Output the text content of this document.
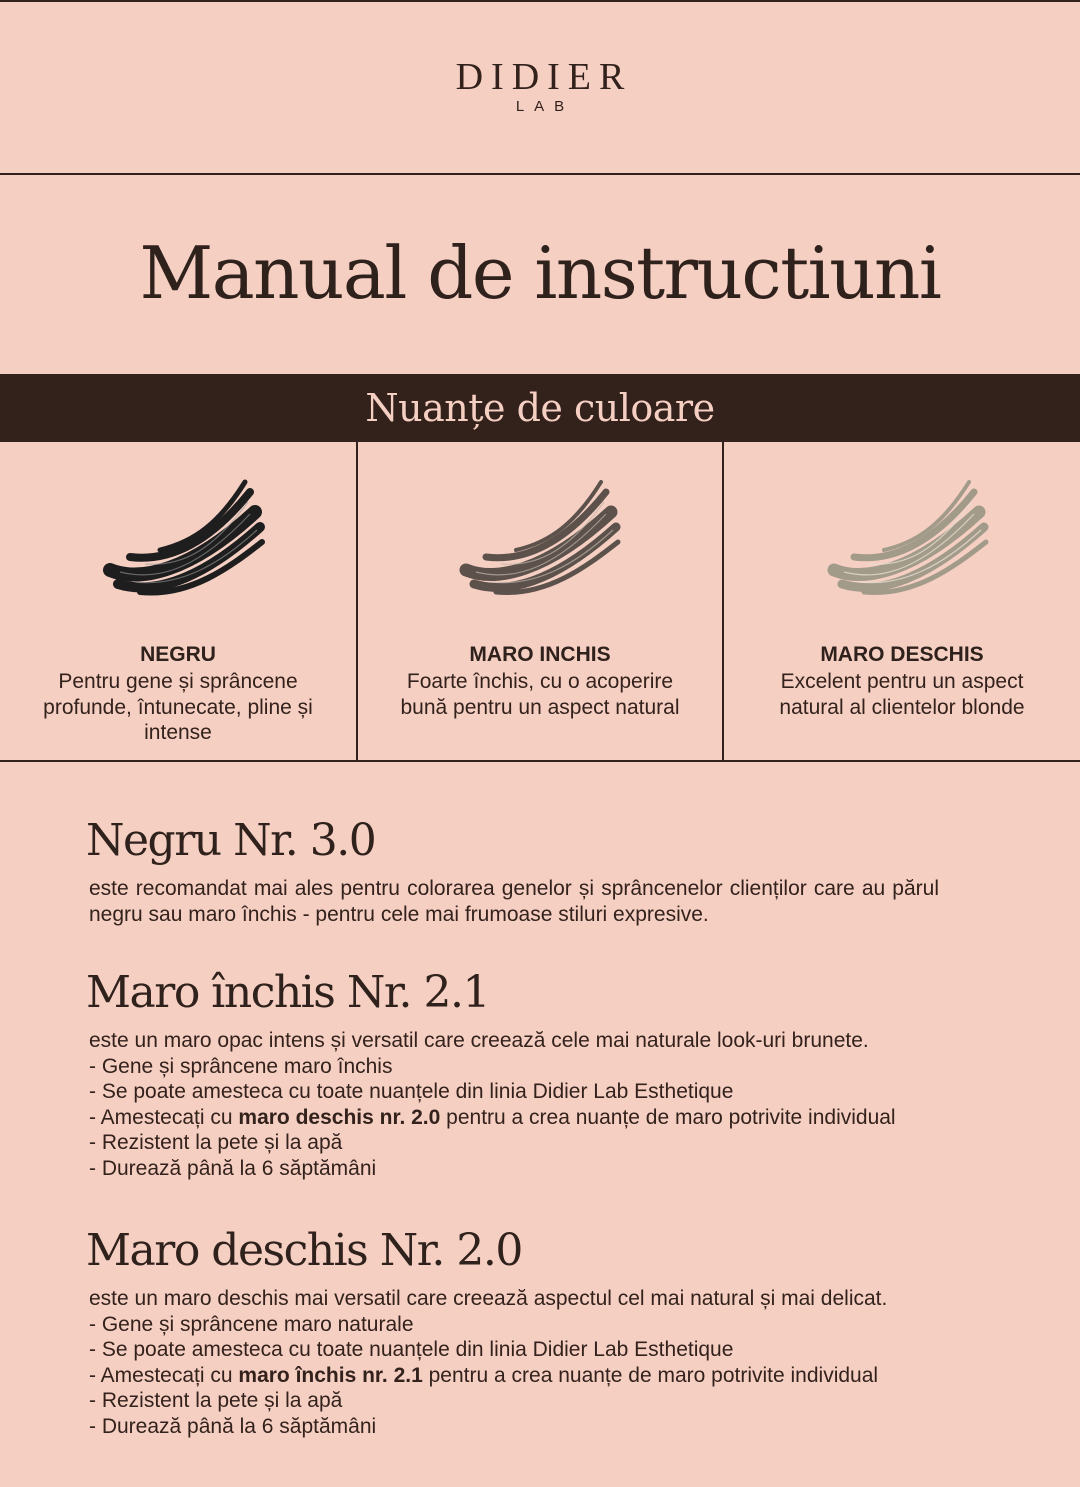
DIDIER
LAB
Manual de instructiuni
Nuanțe de culoare
NEGRU
Pentru gene și sprâncene profunde, întunecate, pline și intense
MARO INCHIS
Foarte închis, cu o acoperire bună pentru un aspect natural
MARO DESCHIS
Excelent pentru un aspect natural al clientelor blonde
Negru Nr. 3.0

este recomandat mai ales pentru colorarea genelor și sprâncenelor clienților care au părul negru sau maro închis - pentru cele mai frumoase stiluri expresive.

Maro închis Nr. 2.1

este un maro opac intens și versatil care creează cele mai naturale look-uri brunete.

- Gene și sprâncene maro închis
- Se poate amesteca cu toate nuanțele din linia Didier Lab Esthetique
- Amestecați cu maro deschis nr. 2.0 pentru a crea nuanțe de maro potrivite individual
- Rezistent la pete și la apă
- Durează până la 6 săptămâni
Maro deschis Nr. 2.0

este un maro deschis mai versatil care creează aspectul cel mai natural și mai delicat.

- Gene și sprâncene maro naturale
- Se poate amesteca cu toate nuanțele din linia Didier Lab Esthetique
- Amestecați cu maro închis nr. 2.1 pentru a crea nuanțe de maro potrivite individual
- Rezistent la pete și la apă
- Durează până la 6 săptămâni
